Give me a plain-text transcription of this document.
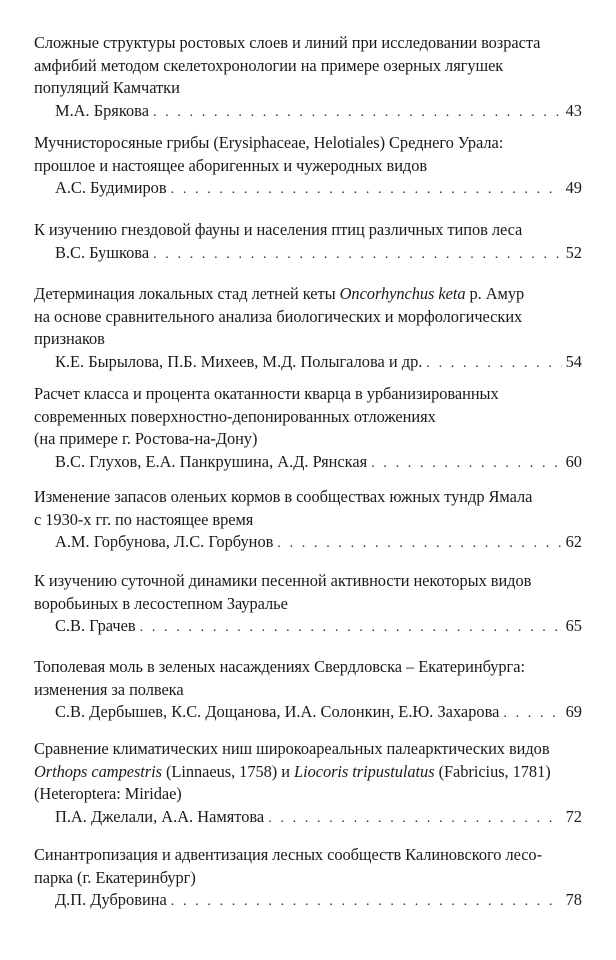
Сложные структуры ростовых слоев и линий при исследовании возраста
амфибий методом скелетохронологии на примере озерных лягушек
популяций Камчатки
М.А. Брякова . . .	43
Мучнисторосяные грибы (Erysiphaceae, Helotiales) Среднего Урала:
прошлое и настоящее аборигенных и чужеродных видов
А.С. Будимиров . . .	49
К изучению гнездовой фауны и населения птиц различных типов леса
В.С. Бушкова . . .	52
Детерминация локальных стад летней кеты Oncorhynchus keta р. Амур
на основе сравнительного анализа биологических и морфологических
признаков
К.Е. Бырылова, П.Б. Михеев, М.Д. Полыгалова и др. . . .	54
Расчет класса и процента окатанности кварца в урбанизированных
современных поверхностно-депонированных отложениях
(на примере г. Ростова-на-Дону)
В.С. Глухов, Е.А. Панкрушина, А.Д. Рянская . . .	60
Изменение запасов оленьих кормов в сообществах южных тундр Ямала
с 1930-х гг. по настоящее время
А.М. Горбунова, Л.С. Горбунов . . .	62
К изучению суточной динамики песенной активности некоторых видов
воробьиных в лесостепном Зауралье
С.В. Грачев . . .	65
Тополевая моль в зеленых насаждениях Свердловска – Екатеринбурга:
изменения за полвека
С.В. Дербышев, К.С. Дощанова, И.А. Солонкин, Е.Ю. Захарова . . .	69
Сравнение климатических ниш широкоареальных палеарктических видов
Orthops campestris (Linnaeus, 1758) и Liocoris tripustulatus (Fabricius, 1781)
(Heteroptera: Miridae)
П.А. Джелали, А.А. Намятова . . .	72
Синантропизация и адвентизация лесных сообществ Калиновского лесо-
парка (г. Екатеринбург)
Д.П. Дубровина . . .	78
